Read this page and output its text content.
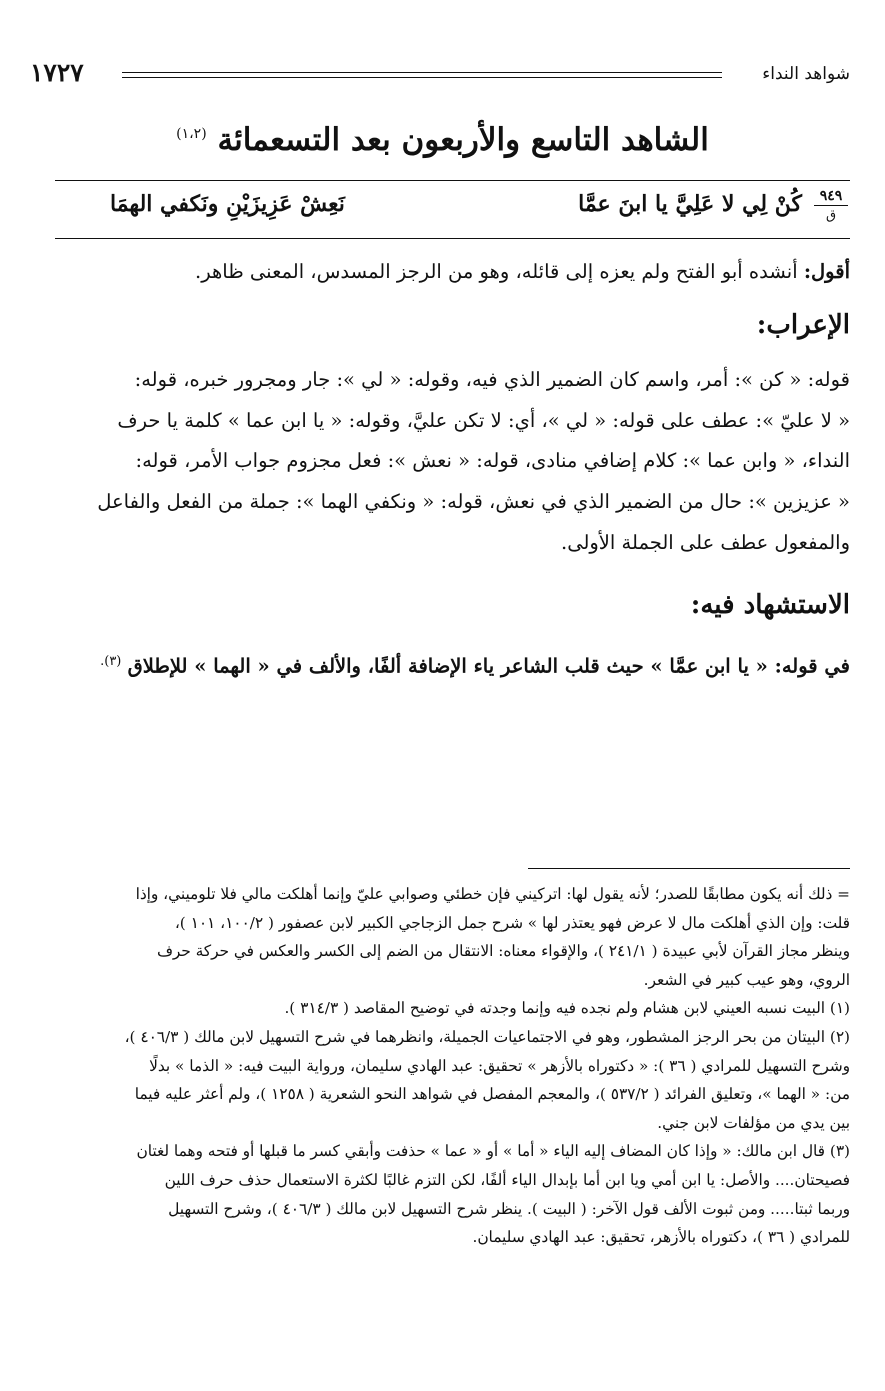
شواهد النداء
١٧٢٧
الشاهد التاسع والأربعون بعد التسعمائة $^{(١،٢)}$
٩٤٩
ق
كُنْ لِي لا عَلِيَّ يا ابنَ عمَّا
نَعِشْ عَزِيزَيْنِ ونَكفي الهمَا

أقول: أنشده أبو الفتح ولم يعزه إلى قائله، وهو من الرجز المسدس، المعنى ظاهر.

الإعراب:
قوله: « كن »: أمر، واسم كان الضمير الذي فيه، وقوله: « لي »: جار ومجرور خبره، قوله:
« لا عليّ »: عطف على قوله: « لي »، أي: لا تكن عليَّ، وقوله: « يا ابن عما » كلمة يا حرف
النداء، « وابن عما »: كلام إضافي منادى، قوله: « نعش »: فعل مجزوم جواب الأمر، قوله:
« عزيزين »: حال من الضمير الذي في نعش، قوله: « ونكفي الهما »: جملة من الفعل والفاعل
والمفعول عطف على الجملة الأولى.
الاستشهاد فيه:

في قوله: « يا ابن عمَّا » حيث قلب الشاعر ياء الإضافة ألفًا، والألف في « الهما » للإطلاق $^{(٣).}$

= ذلك أنه يكون مطابقًا للصدر؛ لأنه يقول لها: اتركيني فإن خطئي وصوابي عليّ وإنما أهلكت مالي فلا تلوميني، وإذا
قلت: وإن الذي أهلكت مال لا عرض فهو يعتذر لها » شرح جمل الزجاجي الكبير لابن عصفور ( ١٠٠/٢، ١٠١ )،
وينظر مجاز القرآن لأبي عبيدة ( ٢٤١/١ )، والإقواء معناه: الانتقال من الضم إلى الكسر والعكس في حركة حرف
الروي، وهو عيب كبير في الشعر.
(١) البيت نسبه العيني لابن هشام ولم نجده فيه وإنما وجدته في توضيح المقاصد ( ٣١٤/٣ ).
(٢) البيتان من بحر الرجز المشطور، وهو في الاجتماعيات الجميلة، وانظرهما في شرح التسهيل لابن مالك ( ٤٠٦/٣ )،
وشرح التسهيل للمرادي ( ٣٦ ): « دكتوراه بالأزهر » تحقيق: عبد الهادي سليمان، ورواية البيت فيه: « الذما » بدلًا
من: « الهما »، وتعليق الفرائد ( ٥٣٧/٢ )، والمعجم المفصل في شواهد النحو الشعرية ( ١٢٥٨ )، ولم أعثر عليه فيما
بين يدي من مؤلفات لابن جني.
(٣) قال ابن مالك: « وإذا كان المضاف إليه الياء « أما » أو « عما » حذفت وأبقي كسر ما قبلها أو فتحه وهما لغتان
فصيحتان.... والأصل: يا ابن أمي ويا ابن أما بإبدال الياء ألفًا، لكن التزم غالبًا لكثرة الاستعمال حذف حرف اللين
وربما ثبتا..... ومن ثبوت الألف قول الآخر: ( البيت ). ينظر شرح التسهيل لابن مالك ( ٤٠٦/٣ )، وشرح التسهيل
للمرادي ( ٣٦ )، دكتوراه بالأزهر، تحقيق: عبد الهادي سليمان.
